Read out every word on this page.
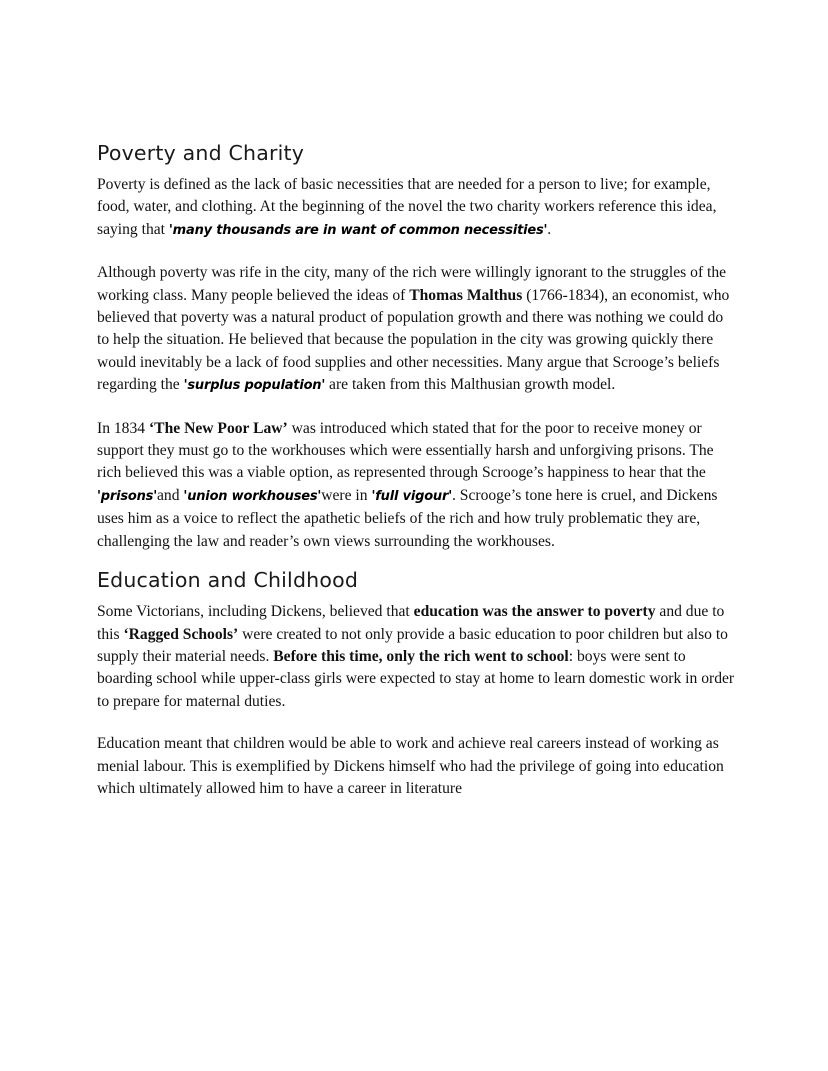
Poverty and Charity

Poverty is defined as the lack of basic necessities that are needed for a person to live; for example, food, water, and clothing. At the beginning of the novel the two charity workers reference this idea, saying that 'many thousands are in want of common necessities'.

Although poverty was rife in the city, many of the rich were willingly ignorant to the struggles of the working class. Many people believed the ideas of Thomas Malthus (1766-1834), an economist, who believed that poverty was a natural product of population growth and there was nothing we could do to help the situation. He believed that because the population in the city was growing quickly there would inevitably be a lack of food supplies and other necessities. Many argue that Scrooge’s beliefs regarding the 'surplus population' are taken from this Malthusian growth model.

In 1834 ‘The New Poor Law’ was introduced which stated that for the poor to receive money or support they must go to the workhouses which were essentially harsh and unforgiving prisons. The rich believed this was a viable option, as represented through Scrooge’s happiness to hear that the 'prisons'and 'union workhouses'were in 'full vigour'. Scrooge’s tone here is cruel, and Dickens uses him as a voice to reflect the apathetic beliefs of the rich and how truly problematic they are, challenging the law and reader’s own views surrounding the workhouses.

Education and Childhood

Some Victorians, including Dickens, believed that education was the answer to poverty and due to this ‘Ragged Schools’ were created to not only provide a basic education to poor children but also to supply their material needs. Before this time, only the rich went to school: boys were sent to boarding school while upper-class girls were expected to stay at home to learn domestic work in order to prepare for maternal duties.

Education meant that children would be able to work and achieve real careers instead of working as menial labour. This is exemplified by Dickens himself who had the privilege of going into education which ultimately allowed him to have a career in literature
